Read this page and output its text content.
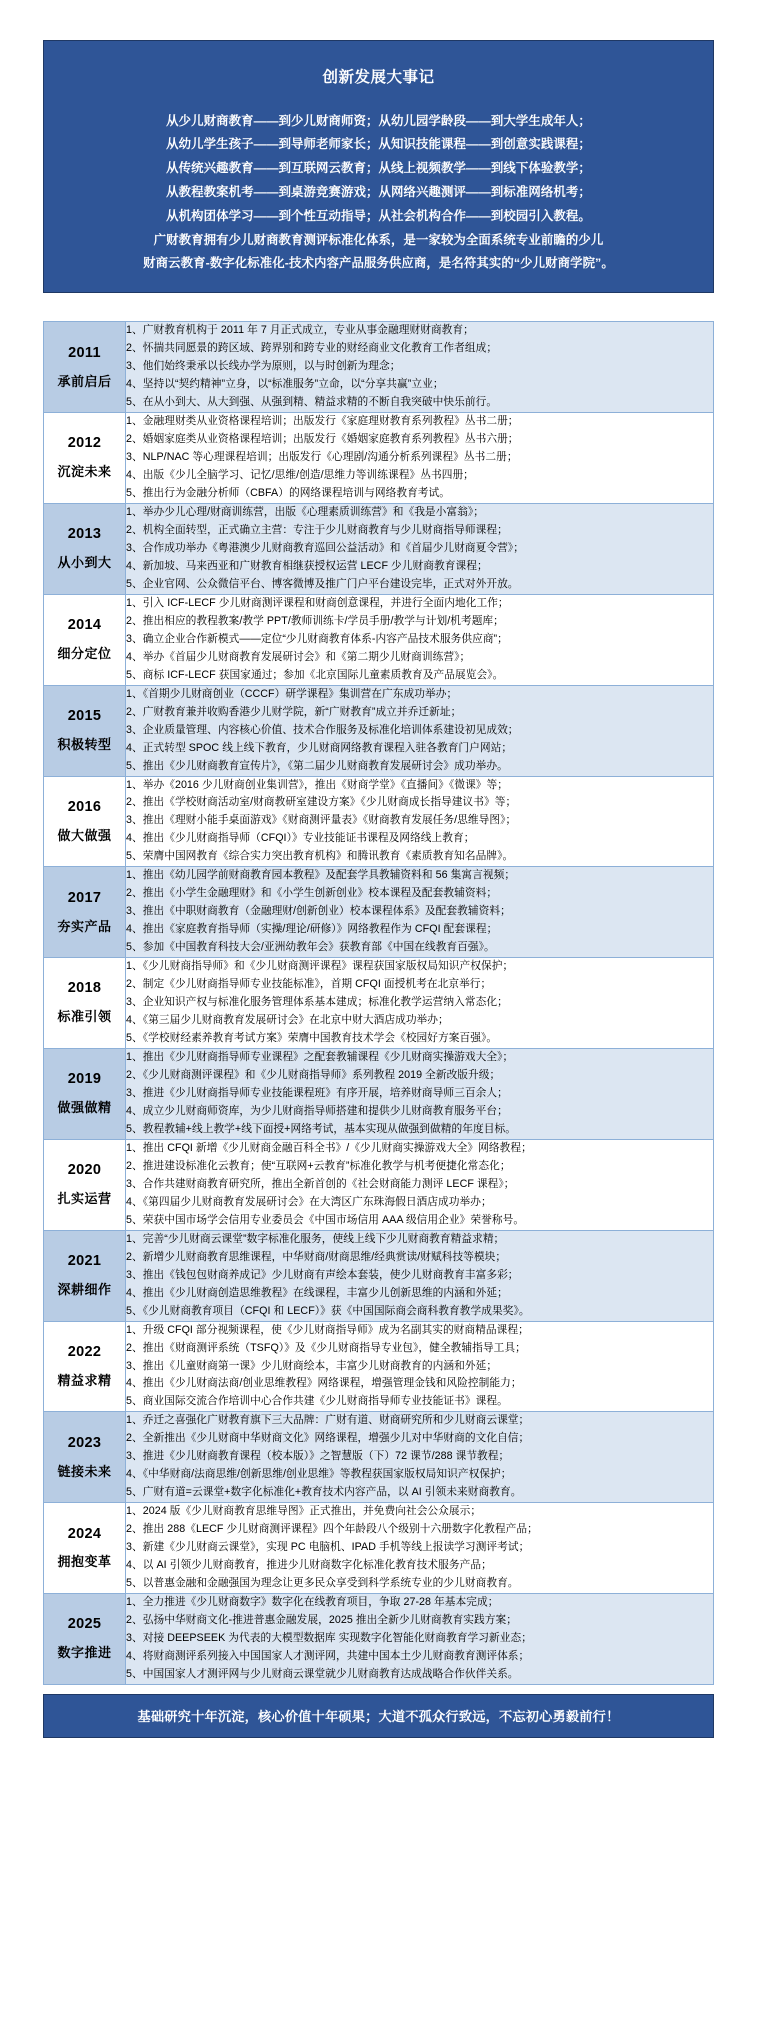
创新发展大事记
从少儿财商教育——到少儿财商师资；从幼儿园学龄段——到大学生成年人；
从幼儿学生孩子——到导师老师家长；从知识技能课程——到创意实践课程；
从传统兴趣教育——到互联网云教育；从线上视频教学——到线下体验教学；
从教程教案机考——到桌游竞赛游戏；从网络兴趣测评——到标准网络机考；
从机构团体学习——到个性互动指导；从社会机构合作——到校园引入教程。
广财教育拥有少儿财商教育测评标准化体系，是一家较为全面系统专业前瞻的少儿
财商云教育-数字化标准化-技术内容产品服务供应商，是名符其实的“少儿财商学院”。
2011
承前启后

1、广财教育机构于 2011 年 7 月正式成立，专业从事金融理财财商教育；
2、怀揣共同愿景的跨区域、跨界别和跨专业的财经商业文化教育工作者组成；
3、他们始终秉承以长线办学为原则，以与时创新为理念；
4、坚持以“契约精神”立身，以“标准服务”立命，以“分享共赢”立业；
5、在从小到大、从大到强、从强到精、精益求精的不断自我突破中快乐前行。

2012
沉淀未来

1、金融理财类从业资格课程培训；出版发行《家庭理财教育系列教程》丛书二册；
2、婚姻家庭类从业资格课程培训；出版发行《婚姻家庭教育系列教程》丛书六册；
3、NLP/NAC 等心理课程培训；出版发行《心理剧/沟通分析系列课程》丛书二册；
4、出版《少儿全脑学习、记忆/思维/创造/思维力等训练课程》丛书四册；
5、推出行为金融分析师（CBFA）的网络课程培训与网络教育考试。

2013
从小到大

1、举办少儿心理/财商训练营，出版《心理素质训练营》和《我是小富翁》；
2、机构全面转型，正式确立主营：专注于少儿财商教育与少儿财商指导师课程；
3、合作成功举办《粤港澳少儿财商教育巡回公益活动》和《首届少儿财商夏令营》；
4、新加坡、马来西亚和广财教育相继获授权运营 LECF 少儿财商教育课程；
5、企业官网、公众微信平台、博客微博及推广门户平台建设完毕，正式对外开放。

2014
细分定位

1、引入 ICF-LECF 少儿财商测评课程和财商创意课程，并进行全面内地化工作；
2、推出相应的教程教案/教学 PPT/教师训练卡/学员手册/教学与计划/机考题库；
3、确立企业合作新模式——定位“少儿财商教育体系-内容产品技术服务供应商”；
4、举办《首届少儿财商教育发展研讨会》和《第二期少儿财商训练营》；
5、商标 ICF-LECF 获国家通过；参加《北京国际儿童素质教育及产品展览会》。

2015
积极转型

1、《首期少儿财商创业（CCCF）研学课程》集训营在广东成功举办；
2、广财教育兼并收购香港少儿财学院，新“广财教育”成立并乔迁新址；
3、企业质量管理、内容核心价值、技术合作服务及标准化培训体系建设初见成效；
4、正式转型 SPOC 线上线下教育，少儿财商网络教育课程入驻各教育门户网站；
5、推出《少儿财商教育宣传片》，《第二届少儿财商教育发展研讨会》成功举办。

2016
做大做强

1、举办《2016 少儿财商创业集训营》，推出《财商学堂》《直播间》《微课》等；
2、推出《学校财商活动室/财商教研室建设方案》《少儿财商成长指导建议书》等；
3、推出《理财小能手桌面游戏》《财商测评量表》《财商教育发展任务/思维导图》；
4、推出《少儿财商指导师（CFQI）》专业技能证书课程及网络线上教育；
5、荣膺中国网教育《综合实力突出教育机构》和腾讯教育《素质教育知名品牌》。

2017
夯实产品

1、推出《幼儿园学前财商教育园本教程》及配套学具教辅资料和 56 集寓言视频；
2、推出《小学生金融理财》和《小学生创新创业》校本课程及配套教辅资料；
3、推出《中职财商教育（金融理财/创新创业）校本课程体系》及配套教辅资料；
4、推出《家庭教育指导师（实操/理论/研修）》网络教程作为 CFQI 配套课程；
5、参加《中国教育科技大会/亚洲幼教年会》获教育部《中国在线教育百强》。

2018
标准引领

1、《少儿财商指导师》和《少儿财商测评课程》课程获国家版权局知识产权保护；
2、制定《少儿财商指导师专业技能标准》，首期 CFQI 面授机考在北京举行；
3、企业知识产权与标准化服务管理体系基本建成；标准化教学运营纳入常态化；
4、《第三届少儿财商教育发展研讨会》在北京中财大酒店成功举办；
5、《学校财经素养教育考试方案》荣膺中国教育技术学会《校园好方案百强》。

2019
做强做精

1、推出《少儿财商指导师专业课程》之配套教辅课程《少儿财商实操游戏大全》；
2、《少儿财商测评课程》和《少儿财商指导师》系列教程 2019 全新改版升级；
3、推进《少儿财商指导师专业技能课程班》有序开展，培养财商导师三百余人；
4、成立少儿财商师资库，为少儿财商指导师搭建和提供少儿财商教育服务平台；
5、教程教辅+线上教学+线下面授+网络考试，基本实现从做强到做精的年度目标。

2020
扎实运营

1、推出 CFQI 新增《少儿财商金融百科全书》/《少儿财商实操游戏大全》网络教程；
2、推进建设标准化云教育；使“互联网+云教育”标准化教学与机考便捷化常态化；
3、合作共建财商教育研究所，推出全新首创的《社会财商能力测评 LECF 课程》；
4、《第四届少儿财商教育发展研讨会》在大湾区广东珠海假日酒店成功举办；
5、荣获中国市场学会信用专业委员会《中国市场信用 AAA 级信用企业》荣誉称号。

2021
深耕细作

1、完善“少儿财商云课堂”数字标准化服务，使线上线下少儿财商教育精益求精；
2、新增少儿财商教育思维课程，中华财商/财商思维/经典赏读/财赋科技等模块；
3、推出《钱包包财商养成记》少儿财商有声绘本套装，使少儿财商教育丰富多彩；
4、推出《少儿财商创造思维教程》在线课程，丰富少儿创新思维的内涵和外延；
5、《少儿财商教育项目（CFQI 和 LECF）》获《中国国际商会商科教育教学成果奖》。

2022
精益求精

1、升级 CFQI 部分视频课程，使《少儿财商指导师》成为名副其实的财商精品课程；
2、推出《财商测评系统（TSFQ）》及《少儿财商指导专业包》，健全教辅指导工具；
3、推出《儿童财商第一课》少儿财商绘本，丰富少儿财商教育的内涵和外延；
4、推出《少儿财商法商/创业思维教程》网络课程，增强管理金钱和风险控制能力；
5、商业国际交流合作培训中心合作共建《少儿财商指导师专业技能证书》课程。

2023
链接未来

1、乔迁之喜强化广财教育旗下三大品牌：广财有道、财商研究所和少儿财商云课堂；
2、全新推出《少儿财商中华财商文化》网络课程，增强少儿对中华财商的文化自信；
3、推进《少儿财商教育课程（校本版）》之智慧版（下）72 课节/288 课节教程；
4、《中华财商/法商思维/创新思维/创业思维》等教程获国家版权局知识产权保护；
5、广财有道=云课堂+数字化标准化+教育技术内容产品，以 AI 引领未来财商教育。

2024
拥抱变革

1、2024 版《少儿财商教育思维导图》正式推出，并免费向社会公众展示；
2、推出 288《LECF 少儿财商测评课程》四个年龄段八个级别十六册数字化教程产品；
3、新建《少儿财商云课堂》，实现 PC 电脑机、IPAD 手机等线上报读学习测评考试；
4、以 AI 引领少儿财商教育，推进少儿财商数字化标准化教育技术服务产品；
5、以普惠金融和金融强国为理念让更多民众享受到科学系统专业的少儿财商教育。

2025
数字推进

1、全力推进《少儿财商数字》数字化在线教育项目，争取 27-28 年基本完成；
2、弘扬中华财商文化-推进普惠金融发展，2025 推出全新少儿财商教育实践方案；
3、对接 DEEPSEEK 为代表的大模型数据库 实现数字化智能化财商教育学习新业态；
4、将财商测评系列接入中国国家人才测评网，共建中国本土少儿财商教育测评体系；
5、中国国家人才测评网与少儿财商云课堂就少儿财商教育达成战略合作伙伴关系。
基础研究十年沉淀，核心价值十年硕果；大道不孤众行致远，不忘初心勇毅前行！
